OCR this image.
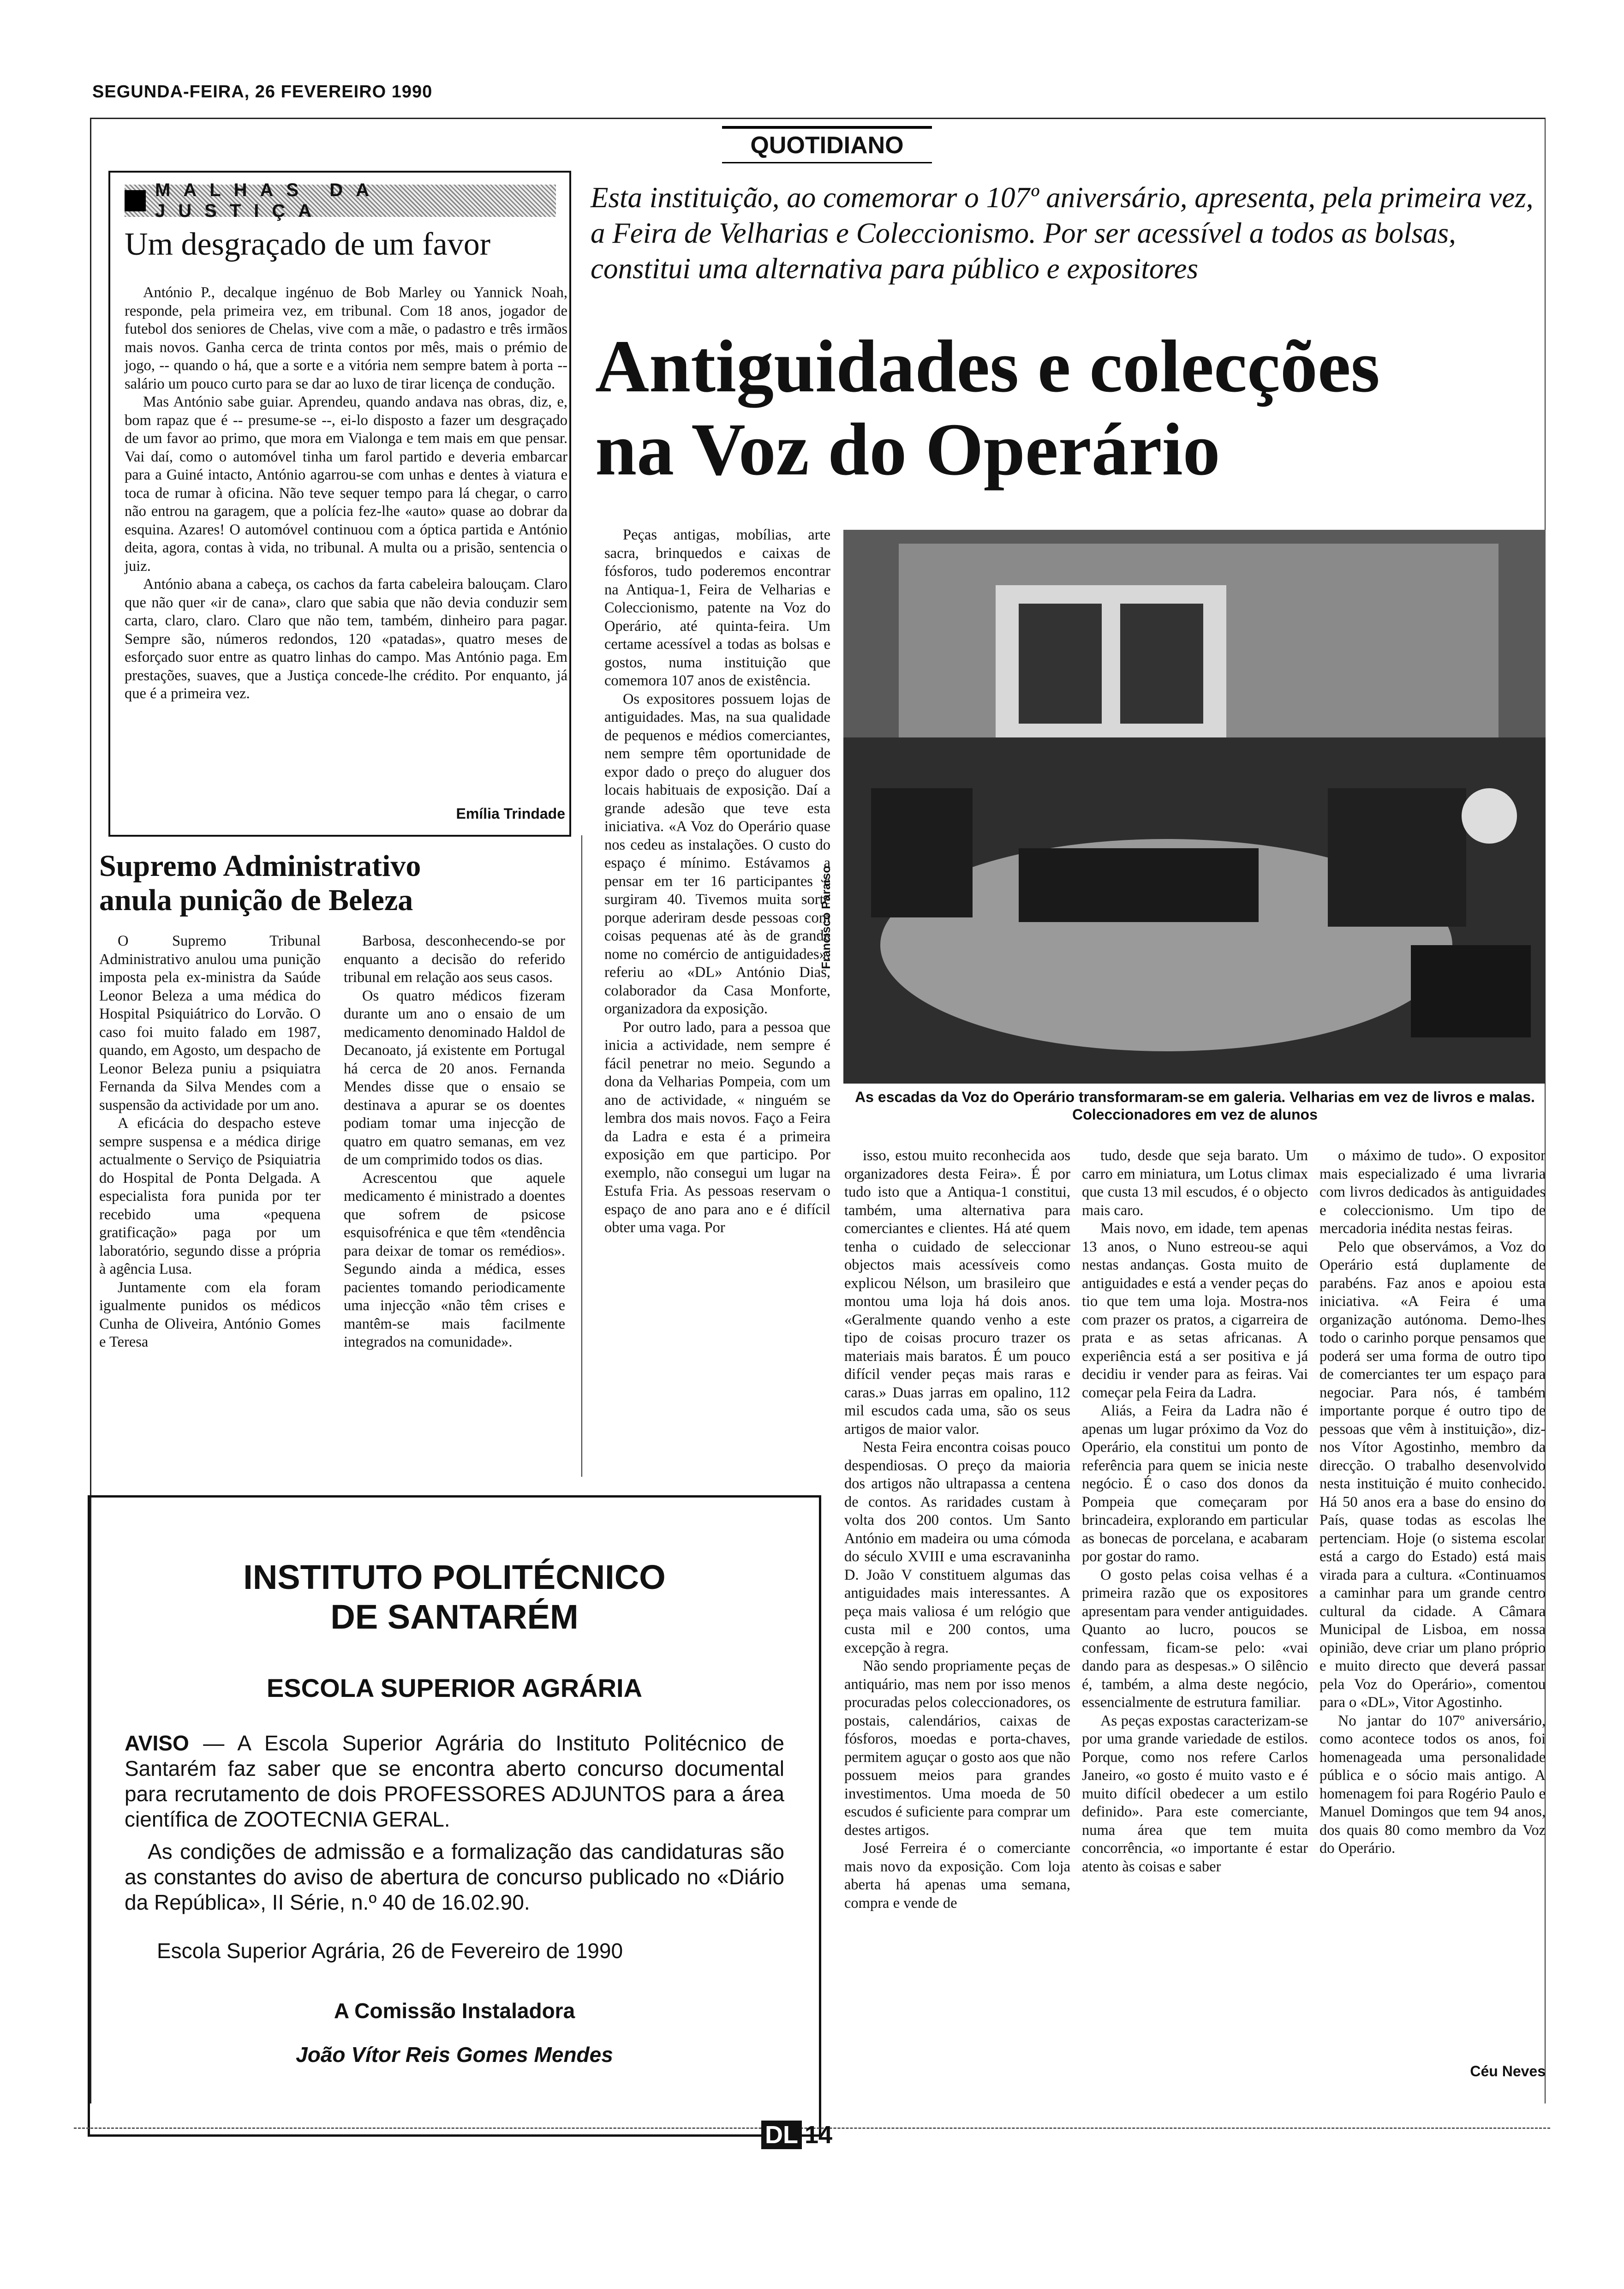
SEGUNDA-FEIRA, 26 FEVEREIRO 1990
QUOTIDIANO
MALHAS DA JUSTIÇA
Um desgraçado de um favor

António P., decalque ingénuo de Bob Marley ou Yannick Noah, responde, pela primeira vez, em tribunal. Com 18 anos, jogador de futebol dos seniores de Chelas, vive com a mãe, o padastro e três irmãos mais novos. Ganha cerca de trinta contos por mês, mais o prémio de jogo, -- quando o há, que a sorte e a vitória nem sempre batem à porta -- salário um pouco curto para se dar ao luxo de tirar licença de condução.

Mas António sabe guiar. Aprendeu, quando andava nas obras, diz, e, bom rapaz que é -- presume-se --, ei-lo disposto a fazer um desgraçado de um favor ao primo, que mora em Vialonga e tem mais em que pensar. Vai daí, como o automóvel tinha um farol partido e deveria embarcar para a Guiné intacto, António agarrou-se com unhas e dentes à viatura e toca de rumar à oficina. Não teve sequer tempo para lá chegar, o carro não entrou na garagem, que a polícia fez-lhe «auto» quase ao dobrar da esquina. Azares! O automóvel continuou com a óptica partida e António deita, agora, contas à vida, no tribunal. A multa ou a prisão, sentencia o juiz.

António abana a cabeça, os cachos da farta cabeleira balouçam. Claro que não quer «ir de cana», claro que sabia que não devia conduzir sem carta, claro, claro. Claro que não tem, também, dinheiro para pagar. Sempre são, números redondos, 120 «patadas», quatro meses de esforçado suor entre as quatro linhas do campo. Mas António paga. Em prestações, suaves, que a Justiça concede-lhe crédito. Por enquanto, já que é a primeira vez.

Emília Trindade
Supremo Administrativo
anula punição de Beleza

O Supremo Tribunal Administrativo anulou uma punição imposta pela ex-ministra da Saúde Leonor Beleza a uma médica do Hospital Psiquiátrico do Lorvão. O caso foi muito falado em 1987, quando, em Agosto, um despacho de Leonor Beleza puniu a psiquiatra Fernanda da Silva Mendes com a suspensão da actividade por um ano.

A eficácia do despacho esteve sempre suspensa e a médica dirige actualmente o Serviço de Psiquiatria do Hospital de Ponta Delgada. A especialista fora punida por ter recebido uma «pequena gratificação» paga por um laboratório, segundo disse a própria à agência Lusa.

Juntamente com ela foram igualmente punidos os médicos Cunha de Oliveira, António Gomes e Teresa

Barbosa, desconhecendo-se por enquanto a decisão do referido tribunal em relação aos seus casos.

Os quatro médicos fizeram durante um ano o ensaio de um medicamento denominado Haldol de Decanoato, já existente em Portugal há cerca de 20 anos. Fernanda Mendes disse que o ensaio se destinava a apurar se os doentes podiam tomar uma injecção de quatro em quatro semanas, em vez de um comprimido todos os dias.

Acrescentou que aquele medicamento é ministrado a doentes que sofrem de psicose esquisofrénica e que têm «tendência para deixar de tomar os remédios». Segundo ainda a médica, esses pacientes tomando periodicamente uma injecção «não têm crises e mantêm-se mais facilmente integrados na comunidade».

Esta instituição, ao comemorar o 107º aniversário, apresenta, pela primeira vez, a Feira de Velharias e Coleccionismo. Por ser acessível a todos as bolsas, constitui uma alternativa para público e expositores
Antiguidades e colecções
na Voz do Operário
Francisco Paraíso
As escadas da Voz do Operário transformaram-se em galeria. Velharias em vez de livros e malas. Coleccionadores em vez de alunos

Peças antigas, mobílias, arte sacra, brinquedos e caixas de fósforos, tudo poderemos encontrar na Antiqua-1, Feira de Velharias e Coleccionismo, patente na Voz do Operário, até quinta-feira. Um certame acessível a todas as bolsas e gostos, numa instituição que comemora 107 anos de existência.

Os expositores possuem lojas de antiguidades. Mas, na sua qualidade de pequenos e médios comerciantes, nem sempre têm oportunidade de expor dado o preço do aluguer dos locais habituais de exposição. Daí a grande adesão que teve esta iniciativa. «A Voz do Operário quase nos cedeu as instalações. O custo do espaço é mínimo. Estávamos a pensar em ter 16 participantes e surgiram 40. Tivemos muita sorte porque aderiram desde pessoas com coisas pequenas até às de grande nome no comércio de antiguidades», referiu ao «DL» António Dias, colaborador da Casa Monforte, organizadora da exposição.

Por outro lado, para a pessoa que inicia a actividade, nem sempre é fácil penetrar no meio. Segundo a dona da Velharias Pompeia, com um ano de actividade, « ninguém se lembra dos mais novos. Faço a Feira da Ladra e esta é a primeira exposição em que participo. Por exemplo, não consegui um lugar na Estufa Fria. As pessoas reservam o espaço de ano para ano e é difícil obter uma vaga. Por

isso, estou muito reconhecida aos organizadores desta Feira». É por tudo isto que a Antiqua-1 constitui, também, uma alternativa para comerciantes e clientes. Há até quem tenha o cuidado de seleccionar objectos mais acessíveis como explicou Nélson, um brasileiro que montou uma loja há dois anos. «Geralmente quando venho a este tipo de coisas procuro trazer os materiais mais baratos. É um pouco difícil vender peças mais raras e caras.» Duas jarras em opalino, 112 mil escudos cada uma, são os seus artigos de maior valor.

Nesta Feira encontra coisas pouco despendiosas. O preço da maioria dos artigos não ultrapassa a centena de contos. As raridades custam à volta dos 200 contos. Um Santo António em madeira ou uma cómoda do século XVIII e uma escravaninha D. João V constituem algumas das antiguidades mais interessantes. A peça mais valiosa é um relógio que custa mil e 200 contos, uma excepção à regra.

Não sendo propriamente peças de antiquário, mas nem por isso menos procuradas pelos coleccionadores, os postais, calendários, caixas de fósforos, moedas e porta-chaves, permitem aguçar o gosto aos que não possuem meios para grandes investimentos. Uma moeda de 50 escudos é suficiente para comprar um destes artigos.

José Ferreira é o comerciante mais novo da exposição. Com loja aberta há apenas uma semana, compra e vende de

tudo, desde que seja barato. Um carro em miniatura, um Lotus climax que custa 13 mil escudos, é o objecto mais caro.

Mais novo, em idade, tem apenas 13 anos, o Nuno estreou-se aqui nestas andanças. Gosta muito de antiguidades e está a vender peças do tio que tem uma loja. Mostra-nos com prazer os pratos, a cigarreira de prata e as setas africanas. A experiência está a ser positiva e já decidiu ir vender para as feiras. Vai começar pela Feira da Ladra.

Aliás, a Feira da Ladra não é apenas um lugar próximo da Voz do Operário, ela constitui um ponto de referência para quem se inicia neste negócio. É o caso dos donos da Pompeia que começaram por brincadeira, explorando em particular as bonecas de porcelana, e acabaram por gostar do ramo.

O gosto pelas coisa velhas é a primeira razão que os expositores apresentam para vender antiguidades. Quanto ao lucro, poucos se confessam, ficam-se pelo: «vai dando para as despesas.» O silêncio é, também, a alma deste negócio, essencialmente de estrutura familiar.

As peças expostas caracterizam-se por uma grande variedade de estilos. Porque, como nos refere Carlos Janeiro, «o gosto é muito vasto e é muito difícil obedecer a um estilo definido». Para este comerciante, numa área que tem muita concorrência, «o importante é estar atento às coisas e saber

o máximo de tudo». O expositor mais especializado é uma livraria com livros dedicados às antiguidades e coleccionismo. Um tipo de mercadoria inédita nestas feiras.

Pelo que observámos, a Voz do Operário está duplamente de parabéns. Faz anos e apoiou esta iniciativa. «A Feira é uma organização autónoma. Demo-lhes todo o carinho porque pensamos que poderá ser uma forma de outro tipo de comerciantes ter um espaço para negociar. Para nós, é também importante porque é outro tipo de pessoas que vêm à instituição», diz-nos Vítor Agostinho, membro da direcção. O trabalho desenvolvido nesta instituição é muito conhecido. Há 50 anos era a base do ensino do País, quase todas as escolas lhe pertenciam. Hoje (o sistema escolar está a cargo do Estado) está mais virada para a cultura. «Continuamos a caminhar para um grande centro cultural da cidade. A Câmara Municipal de Lisboa, em nossa opinião, deve criar um plano próprio e muito directo que deverá passar pela Voz do Operário», comentou para o «DL», Vitor Agostinho.

No jantar do 107º aniversário, como acontece todos os anos, foi homenageada uma personalidade pública e o sócio mais antigo. A homenagem foi para Rogério Paulo e Manuel Domingos que tem 94 anos, dos quais 80 como membro da Voz do Operário.

Céu Neves
INSTITUTO POLITÉCNICO
DE SANTARÉM
ESCOLA SUPERIOR AGRÁRIA
AVISO — A Escola Superior Agrária do Instituto Politécnico de Santarém faz saber que se encontra aberto concurso documental para recrutamento de dois PROFESSORES ADJUNTOS para a área científica de ZOOTECNIA GERAL.
As condições de admissão e a formalização das candidaturas são as constantes do aviso de abertura de concurso publicado no «Diário da República», II Série, n.º 40 de 16.02.90.
Escola Superior Agrária, 26 de Fevereiro de 1990
A Comissão Instaladora
João Vítor Reis Gomes Mendes
DL 14
